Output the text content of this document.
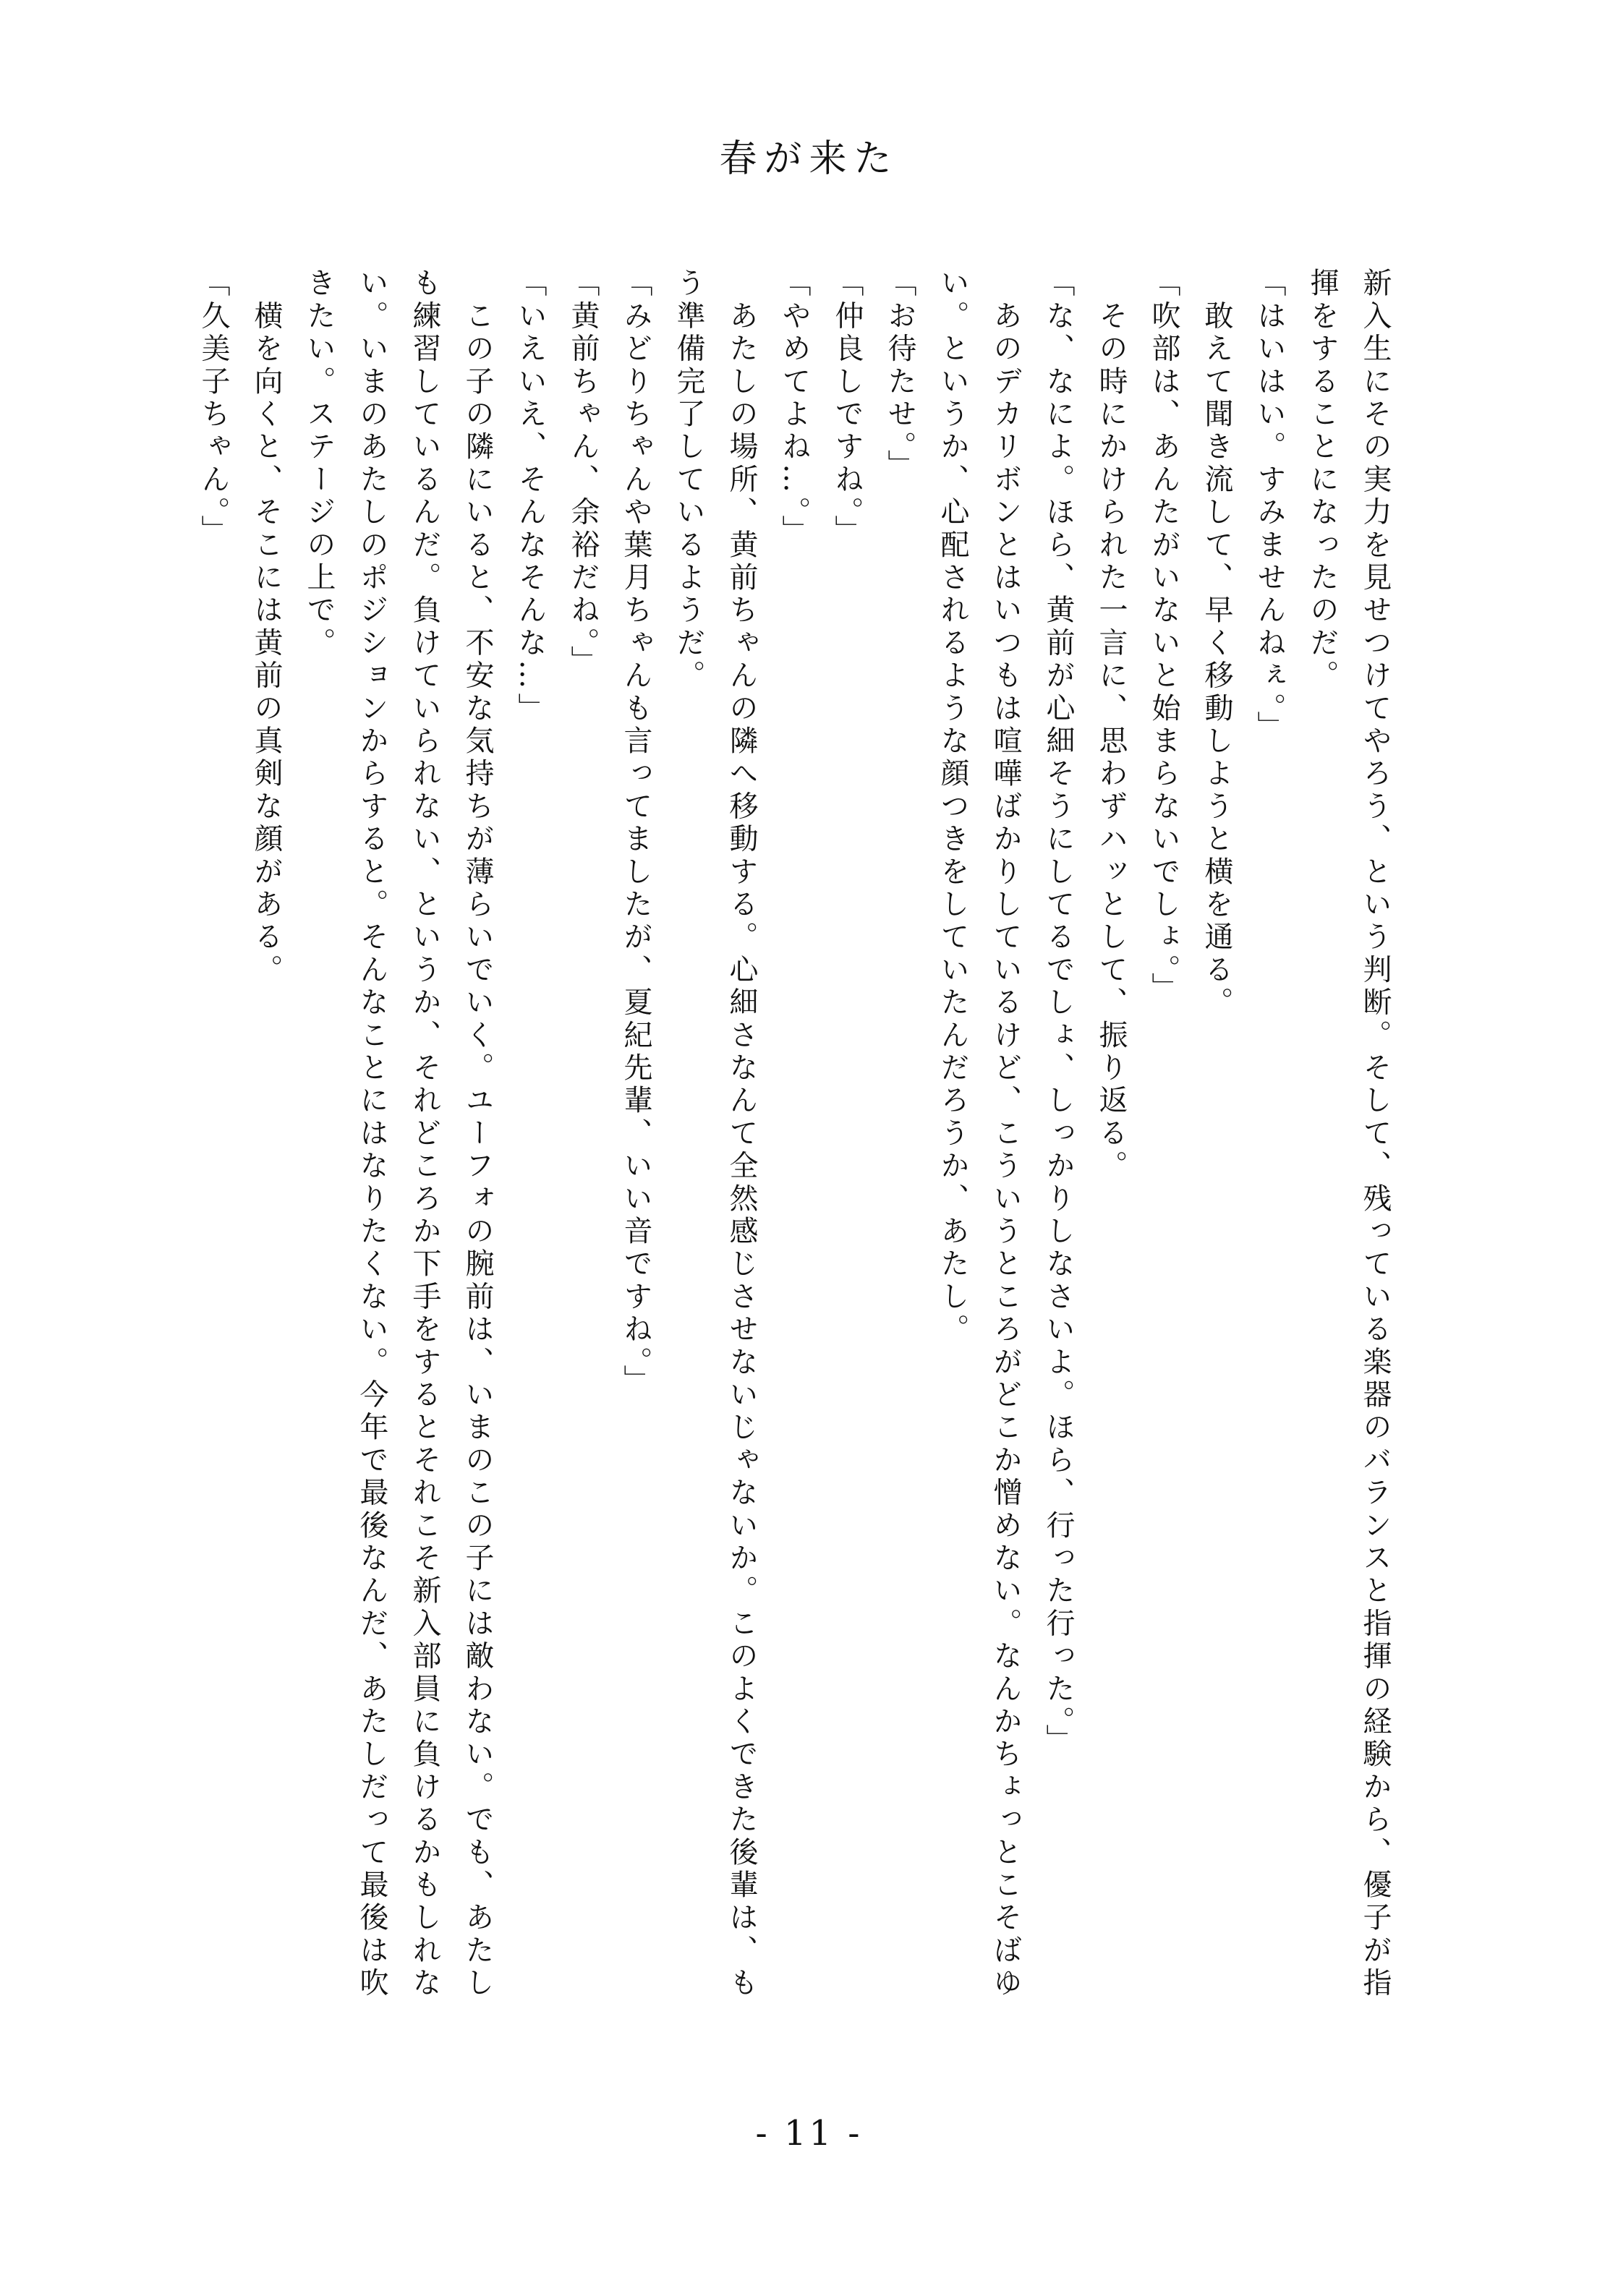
春が来た

新入生にその実力を見せつけてやろう、という判断。そして、残っている楽器のバランスと指揮の経験から、優子が指揮をすることになったのだ。

「はいはい。すみませんねぇ。」

　敢えて聞き流して、早く移動しようと横を通る。

「吹部は、あんたがいないと始まらないでしょ。」

　その時にかけられた一言に、思わずハッとして、振り返る。

「な、なによ。ほら、黄前が心細そうにしてるでしょ、しっかりしなさいよ。ほら、行った行った。」

　あのデカリボンとはいつもは喧嘩ばかりしているけど、こういうところがどこか憎めない。なんかちょっとこそばゆい。というか、心配されるような顔つきをしていたんだろうか、あたし。

「お待たせ。」

「仲良しですね。」

「やめてよね…。」

　あたしの場所、黄前ちゃんの隣へ移動する。心細さなんて全然感じさせないじゃないか。このよくできた後輩は、もう準備完了しているようだ。

「みどりちゃんや葉月ちゃんも言ってましたが、夏紀先輩、いい音ですね。」

「黄前ちゃん、余裕だね。」

「いえいえ、そんなそんな…」

　この子の隣にいると、不安な気持ちが薄らいでいく。ユーフォの腕前は、いまのこの子には敵わない。でも、あたしも練習しているんだ。負けていられない、というか、それどころか下手をするとそれこそ新入部員に負けるかもしれない。いまのあたしのポジションからすると。そんなことにはなりたくない。今年で最後なんだ、あたしだって最後は吹きたい。ステージの上で。

　横を向くと、そこには黄前の真剣な顔がある。

「久美子ちゃん。」

- 11 -
